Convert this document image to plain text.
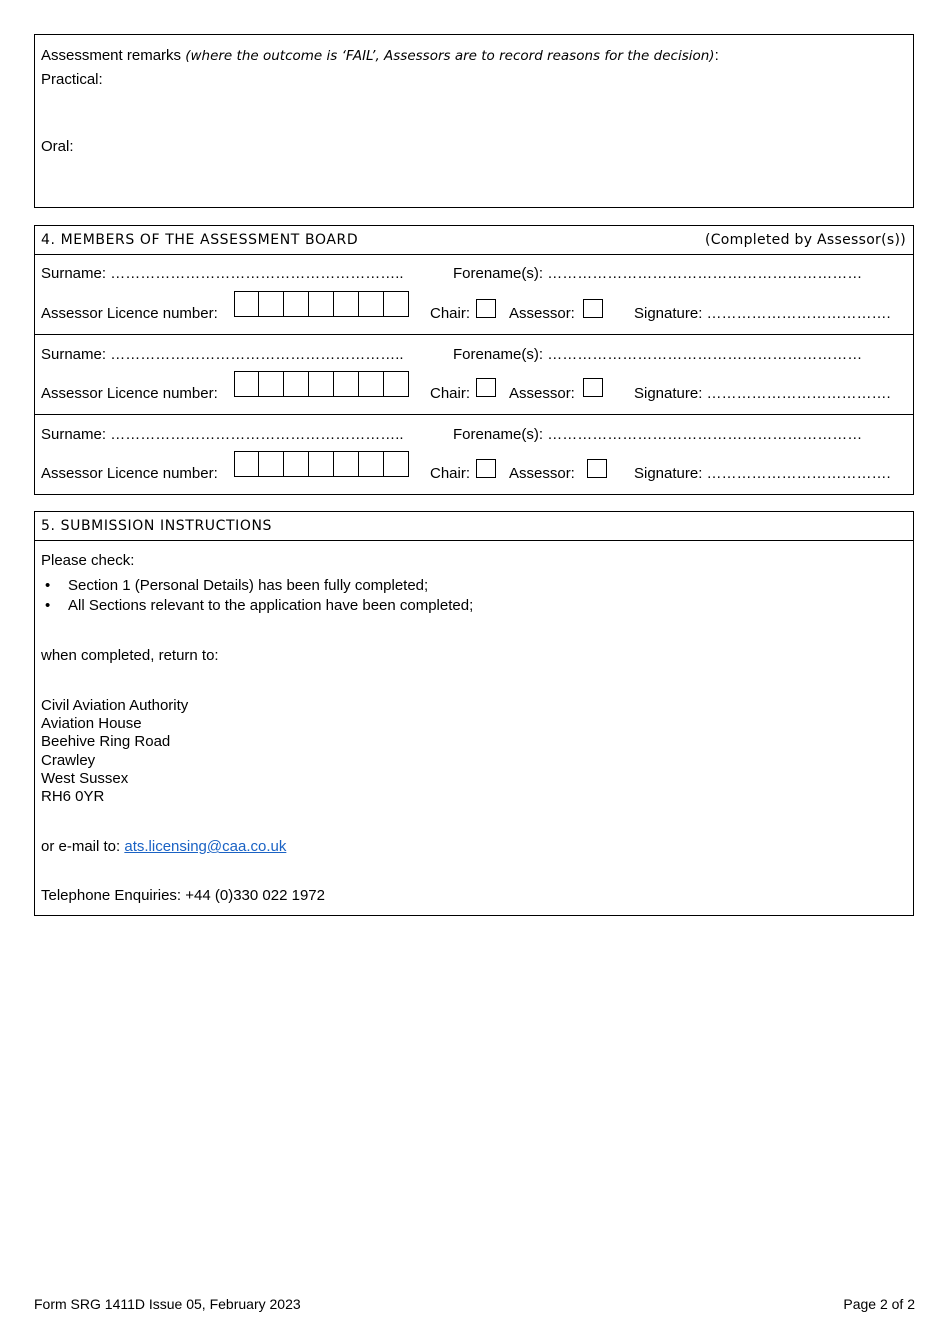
Assessment remarks (where the outcome is ‘FAIL’, Assessors are to record reasons for the decision):
Practical:
Oral:
4. MEMBERS OF THE ASSESSMENT BOARD	(Completed by Assessor(s))
Surname: …………………………………………………..	Forename(s): ………………………………………………………
Assessor Licence number:	Chair:	Assessor:	Signature: ……………………………….
Surname: …………………………………………………..	Forename(s): ………………………………………………………
Assessor Licence number:	Chair:	Assessor:	Signature: ……………………………….
Surname: …………………………………………………..	Forename(s): ………………………………………………………
Assessor Licence number:	Chair:	Assessor:	Signature: ……………………………….
5. SUBMISSION INSTRUCTIONS
Please check:
• Section 1 (Personal Details) has been fully completed;
• All Sections relevant to the application have been completed;
when completed, return to:
Civil Aviation Authority
Aviation House
Beehive Ring Road
Crawley
West Sussex
RH6 0YR
or e-mail to: ats.licensing@caa.co.uk
Telephone Enquiries: +44 (0)330 022 1972
Form SRG 1411D Issue 05, February 2023	Page 2 of 2
